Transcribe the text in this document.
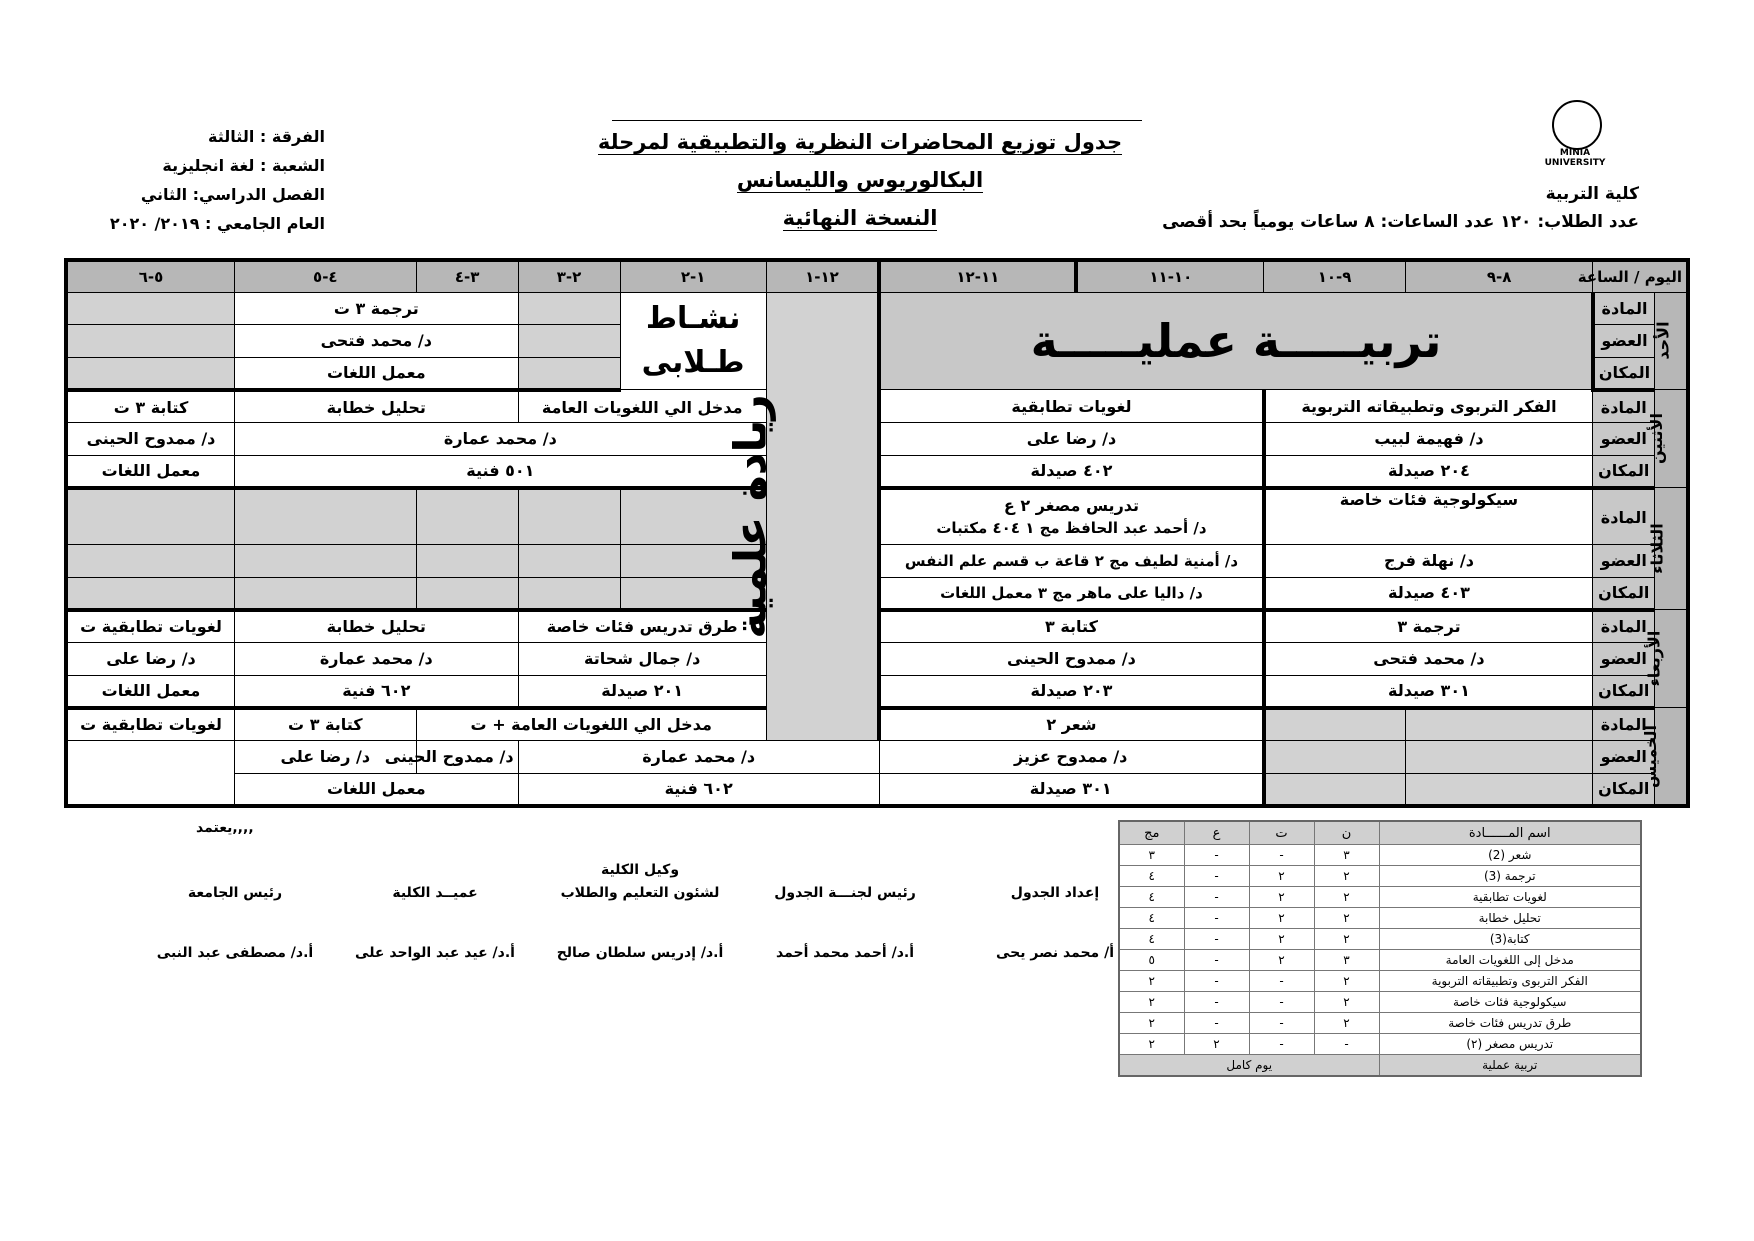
MINIA UNIVERSITY
كلية التربية
عدد الطلاب: ١٢٠ عدد الساعات: ٨ ساعات يومياً بحد أقصى
جدول توزيع المحاضرات النظرية والتطبيقية لمرحلة
البكالوريوس والليسانس
النسخة النهائية
الفرقة : الثالثة
الشعبة : لغة انجليزية
الفصل الدراسي: الثاني
العام الجامعي : ٢٠١٩/ ٢٠٢٠
اليوم / الساعة		٨-٩	٩-١٠	١٠-١١	١١-١٢	١٢-١	١-٢	٢-٣	٣-٤	٤-٥	٥-٦
الأحد	المادة	تربيـــــة عمليـــــة				ريادة علمية	نشـاط طـلابى		ترجمة ٣ ت		
	العضو								د/ محمد فتحى		
	المكان								معمل اللغات		
الأثنين	المادة	الفكر التربوى وتطبيقاته التربوية		لغويات تطابقية			مدخل الي اللغويات العامة		تحليل خطابة		كتابة ٣ ت
	العضو	د/ فهيمة لبيب		د/ رضا على			د/ محمد عمارة				د/ ممدوح الحينى
	المكان	٢٠٤ صيدلة		٤٠٢ صيدلة			٥٠١ فنية				معمل اللغات
الثلاثاء	المادة	سيكولوجية فئات خاصة		تدريس مصغر ٢ ع
د/ أحمد عبد الحافظ مج ١ ٤٠٤ مكتبات							

	العضو	د/ نهلة فرج		د/ أمنية لطيف مج ٢ قاعة ب قسم علم النفس							
	المكان	٤٠٣ صيدلة		د/ داليا على ماهر مج ٣ معمل اللغات							
الأربعاء	المادة	ترجمة ٣		كتابة ٣			طرق تدريس فئات خاصة		تحليل خطابة		لغويات تطابقية ت
	العضو	د/ محمد فتحى		د/ ممدوح الحينى			د/ جمال شحاتة		د/ محمد عمارة		د/ رضا على
	المكان	٣٠١ صيدلة		٢٠٣ صيدلة			٢٠١ صيدلة		٦٠٢ فنية		معمل اللغات
الخميس	المادة			شعر ٢			مدخل الي اللغويات العامة + ت			كتابة ٣ ت	لغويات تطابقية ت
	العضو			د/ ممدوح عزيز		د/ محمد عمارة			د/ ممدوح الحينى	د/ رضا على	
	المكان			٣٠١ صيدلة		٦٠٢ فنية			معمل اللغات		
اسم المــــــادة	ن	ت	ع	مج
شعر (2)	٣	-	-	٣
ترجمة (3)	٢	٢	-	٤
لغويات تطابقية	٢	٢	-	٤
تحليل خطابة	٢	٢	-	٤
كتابة(3)	٢	٢	-	٤
مدخل إلى اللغويات العامة	٣	٢	-	٥
الفكر التربوى وتطبيقاته التربوية	٢	-	-	٢
سيكولوجية فئات خاصة	٢	-	-	٢
طرق تدريس فئات خاصة	٢	-	-	٢
تدريس مصغر (٢)	-	-	٢	٢
تربية عملية	يوم كامل			
يعتمد,,,,
إعداد الجدول
أ/ محمد نصر يحى
رئيس لجنـــة الجدول
أ.د/ أحمد محمد أحمد
وكيل الكلية
لشئون التعليم والطلاب
أ.د/ إدريس سلطان صالح
عميــد الكلية
أ.د/ عيد عبد الواحد على
رئيس الجامعة
أ.د/ مصطفى عبد النبى
